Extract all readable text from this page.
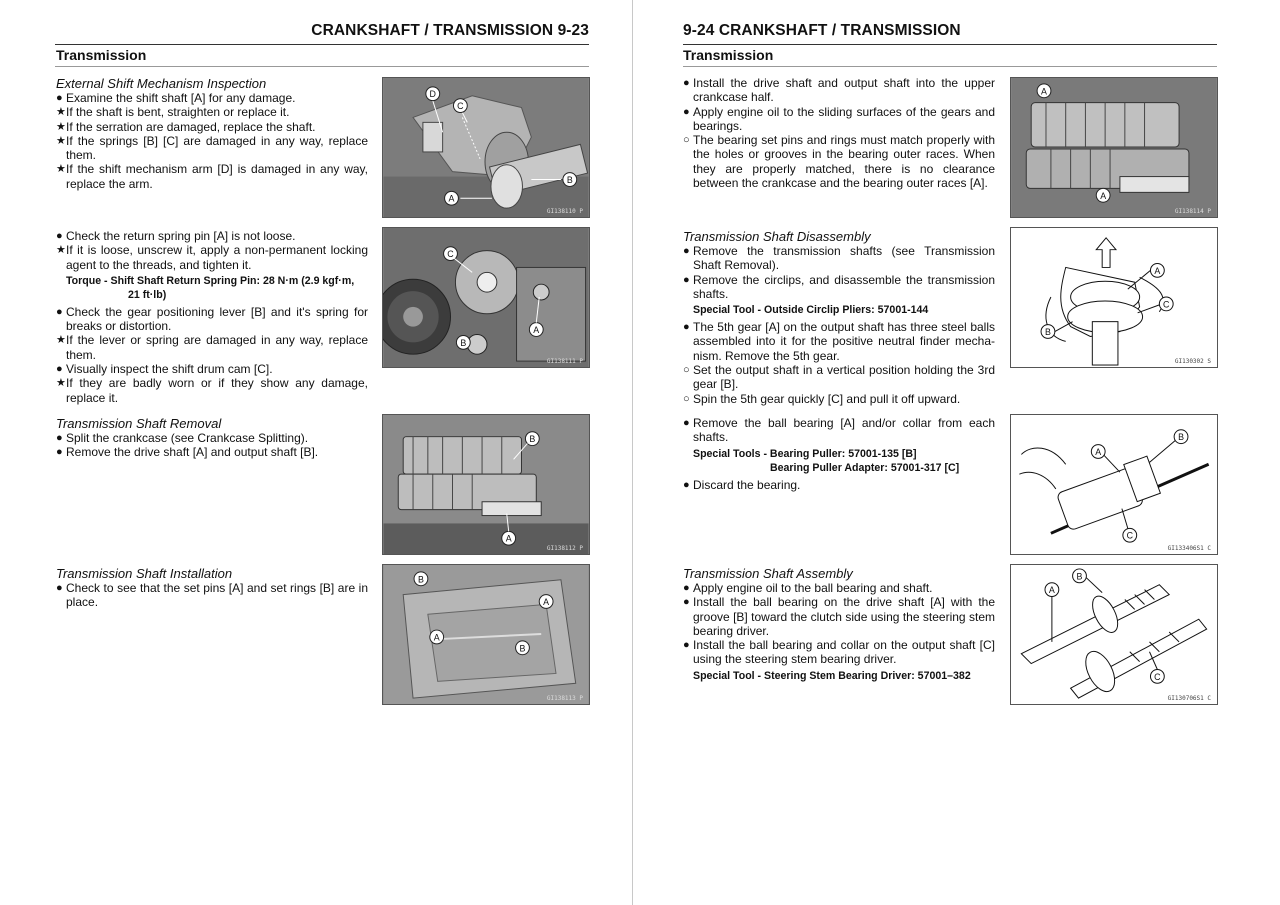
CRANKSHAFT / TRANSMISSION 9-23
Transmission
External Shift Mechanism Inspection
● Examine the shift shaft [A] for any damage.
★ If the shaft is bent, straighten or replace it.
★ If the serration are damaged, replace the shaft.
★ If the springs [B] [C] are damaged in any way, replace them.
★ If the shift mechanism arm [D] is damaged in any way, replace the arm.
● Check the return spring pin [A] is not loose.
★ If it is loose, unscrew it, apply a non-permanent locking agent to the threads, and tighten it.
Torque - Shift Shaft Return Spring Pin: 28 N·m (2.9 kgf·m,
21 ft·lb)
● Check the gear positioning lever [B] and it's spring for breaks or distortion.
★ If the lever or spring are damaged in any way, replace them.
● Visually inspect the shift drum cam [C].
★ If they are badly worn or if they show any damage, replace it.
Transmission Shaft Removal
● Split the crankcase (see Crankcase Splitting).
● Remove the drive shaft [A] and output shaft [B].
Transmission Shaft Installation
● Check to see that the set pins [A] and set rings [B] are in place.
D
C
B
A
GI138110 P
C
A
B
GI138111 P
B
A
GI138112 P
B
A
A
B
GI138113 P
9-24 CRANKSHAFT / TRANSMISSION
Transmission
● Install the drive shaft and output shaft into the upper crankcase half.
● Apply engine oil to the sliding surfaces of the gears and bearings.
○ The bearing set pins and rings must match properly with the holes or grooves in the bearing outer races. When they are properly matched, there is no clearance between the crankcase and the bearing outer races [A].
Transmission Shaft Disassembly
● Remove the transmission shafts (see Transmission Shaft Removal).
● Remove the circlips, and disassemble the transmission shafts.
Special Tool - Outside Circlip Pliers: 57001-144
● The 5th gear [A] on the output shaft has three steel balls assembled into it for the positive neutral finder mecha-nism. Remove the 5th gear.
○ Set the output shaft in a vertical position holding the 3rd gear [B].
○ Spin the 5th gear quickly [C] and pull it off upward.
● Remove the ball bearing [A] and/or collar from each shafts.
Special Tools - Bearing Puller: 57001-135 [B]
Bearing Puller Adapter: 57001-317 [C]
● Discard the bearing.
Transmission Shaft Assembly
● Apply engine oil to the ball bearing and shaft.
● Install the ball bearing on the drive shaft [A] with the groove [B] toward the clutch side using the steering stem bearing driver.
● Install the ball bearing and collar on the output shaft [C] using the steering stem bearing driver.
Special Tool - Steering Stem Bearing Driver: 57001–382
A
A
GI138114 P
A
C
B
GI130302 S
A
B
C
GI133406S1 C
B
A
C
GI130706S1 C
